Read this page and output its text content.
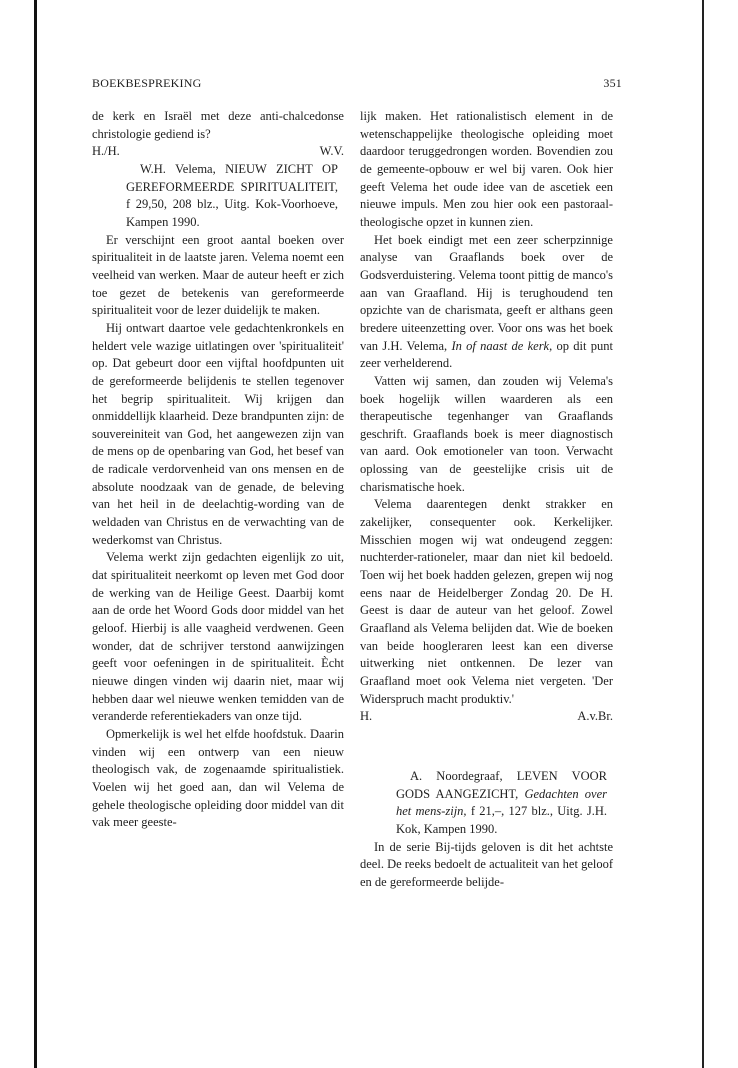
BOEKBESPREKING	351

de kerk en Israël met deze anti-chalcedonse christologie gediend is?

H./H.	W.V.

W.H. Velema, NIEUW ZICHT OP GEREFORMEERDE SPIRITUALITEIT, f 29,50, 208 blz., Uitg. Kok-Voorhoeve, Kampen 1990.

Er verschijnt een groot aantal boeken over spiritualiteit in de laatste jaren. Velema noemt een veelheid van werken. Maar de auteur heeft er zich toe gezet de betekenis van gereformeerde spiritualiteit voor de lezer duidelijk te maken.

Hij ontwart daartoe vele gedachtenkronkels en heldert vele wazige uitlatingen over 'spiritualiteit' op. Dat gebeurt door een vijftal hoofdpunten uit de gereformeerde belijdenis te stellen tegenover het begrip spiritualiteit. Wij krijgen dan onmiddellijk klaarheid. Deze brandpunten zijn: de souvereiniteit van God, het aangewezen zijn van de mens op de openbaring van God, het besef van de radicale verdorvenheid van ons mensen en de absolute noodzaak van de genade, de beleving van het heil in de deelachtig-wording van de weldaden van Christus en de verwachting van de wederkomst van Christus.

Velema werkt zijn gedachten eigenlijk zo uit, dat spiritualiteit neerkomt op leven met God door de werking van de Heilige Geest. Daarbij komt aan de orde het Woord Gods door middel van het geloof. Hierbij is alle vaagheid verdwenen. Geen wonder, dat de schrijver terstond aanwijzingen geeft voor oefeningen in de spiritualiteit. Ècht nieuwe dingen vinden wij daarin niet, maar wij hebben daar wel nieuwe wenken temidden van de veranderde referentiekaders van onze tijd.

Opmerkelijk is wel het elfde hoofdstuk. Daarin vinden wij een ontwerp van een nieuw theologisch vak, de zogenaamde spiritualistiek. Voelen wij het goed aan, dan wil Velema de gehele theologische opleiding door middel van dit vak meer geeste-

lijk maken. Het rationalistisch element in de wetenschappelijke theologische opleiding moet daardoor teruggedrongen worden. Bovendien zou de gemeente-opbouw er wel bij varen. Ook hier geeft Velema het oude idee van de ascetiek een nieuwe impuls. Men zou hier ook een pastoraal-theologische opzet in kunnen zien.

Het boek eindigt met een zeer scherpzinnige analyse van Graaflands boek over de Godsverduistering. Velema toont pittig de manco's aan van Graafland. Hij is terughoudend ten opzichte van de charismata, geeft er althans geen bredere uiteenzetting over. Voor ons was het boek van J.H. Velema, In of naast de kerk, op dit punt zeer verhelderend.

Vatten wij samen, dan zouden wij Velema's boek hogelijk willen waarderen als een therapeutische tegenhanger van Graaflands geschrift. Graaflands boek is meer diagnostisch van aard. Ook emotioneler van toon. Verwacht oplossing van de geestelijke crisis uit de charismatische hoek.

Velema daarentegen denkt strakker en zakelijker, consequenter ook. Kerkelijker. Misschien mogen wij wat ondeugend zeggen: nuchterder-rationeler, maar dan niet kil bedoeld. Toen wij het boek hadden gelezen, grepen wij nog eens naar de Heidelberger Zondag 20. De H. Geest is daar de auteur van het geloof. Zowel Graafland als Velema belijden dat. Wie de boeken van beide hoogleraren leest kan een diverse uitwerking niet ontkennen. De lezer van Graafland moet ook Velema niet vergeten. 'Der Widerspruch macht produktiv.'

H.	A.v.Br.

A. Noordegraaf, LEVEN VOOR GODS AANGEZICHT, Gedachten over het mens-zijn, f 21,–, 127 blz., Uitg. J.H. Kok, Kampen 1990.

In de serie Bij-tijds geloven is dit het achtste deel. De reeks bedoelt de actualiteit van het geloof en de gereformeerde belijde-
